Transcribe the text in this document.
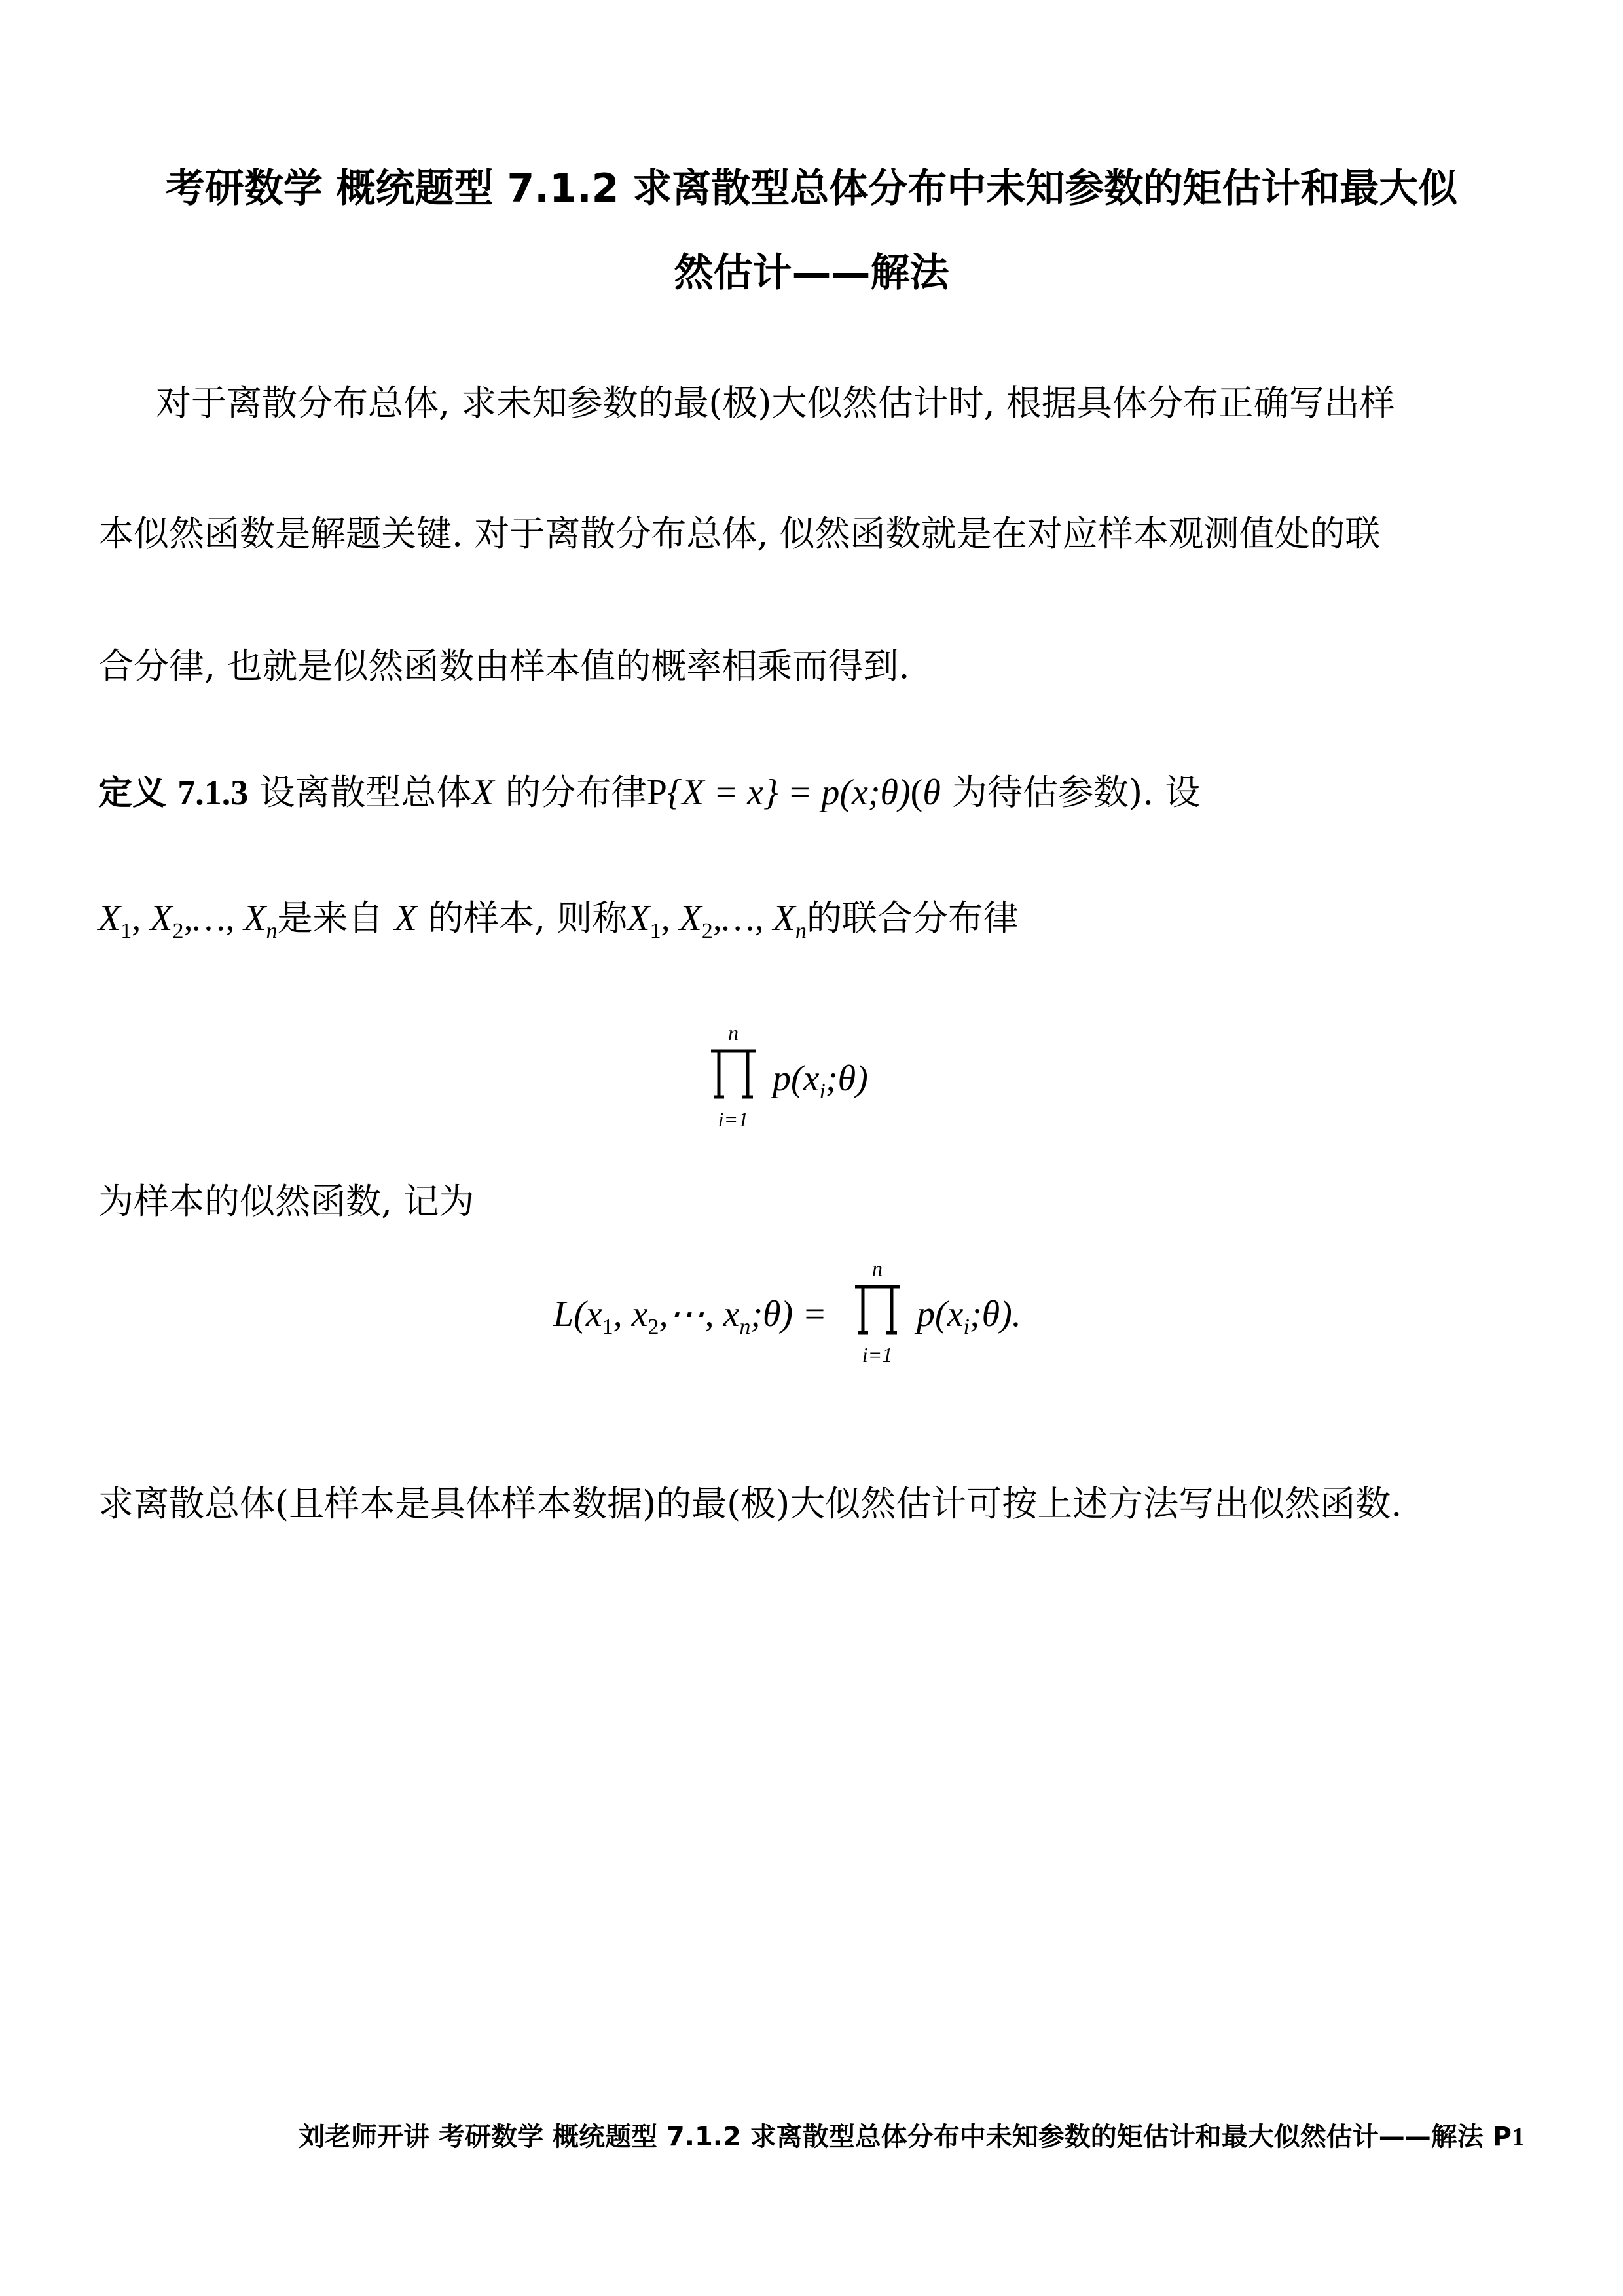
考研数学 概统题型 7.1.2 求离散型总体分布中未知参数的矩估计和最大似
然估计——解法
对于离散分布总体, 求未知参数的最(极)大似然估计时, 根据具体分布正确写出样
本似然函数是解题关键. 对于离散分布总体, 似然函数就是在对应样本观测值处的联
合分律, 也就是似然函数由样本值的概率相乘而得到.
定义 7.1.3 设离散型总体X 的分布律P{X = x} = p(x;θ)(θ 为待估参数). 设
$X_1$, $X_2,\dots$, $X_n$是来自 X 的样本, 则称$X_1$, $X_2,\dots$, $X_n$的联合分布律
n
i=1
$p(x_i;\theta)$
为样本的似然函数, 记为
$L(x_1$, $x_2,\cdots$, $x_n;\theta$) =
n
i=1
$p(x_i;\theta)$.
求离散总体(且样本是具体样本数据)的最(极)大似然估计可按上述方法写出似然函数.
刘老师开讲 考研数学 概统题型 7.1.2 求离散型总体分布中未知参数的矩估计和最大似然估计——解法 P1
